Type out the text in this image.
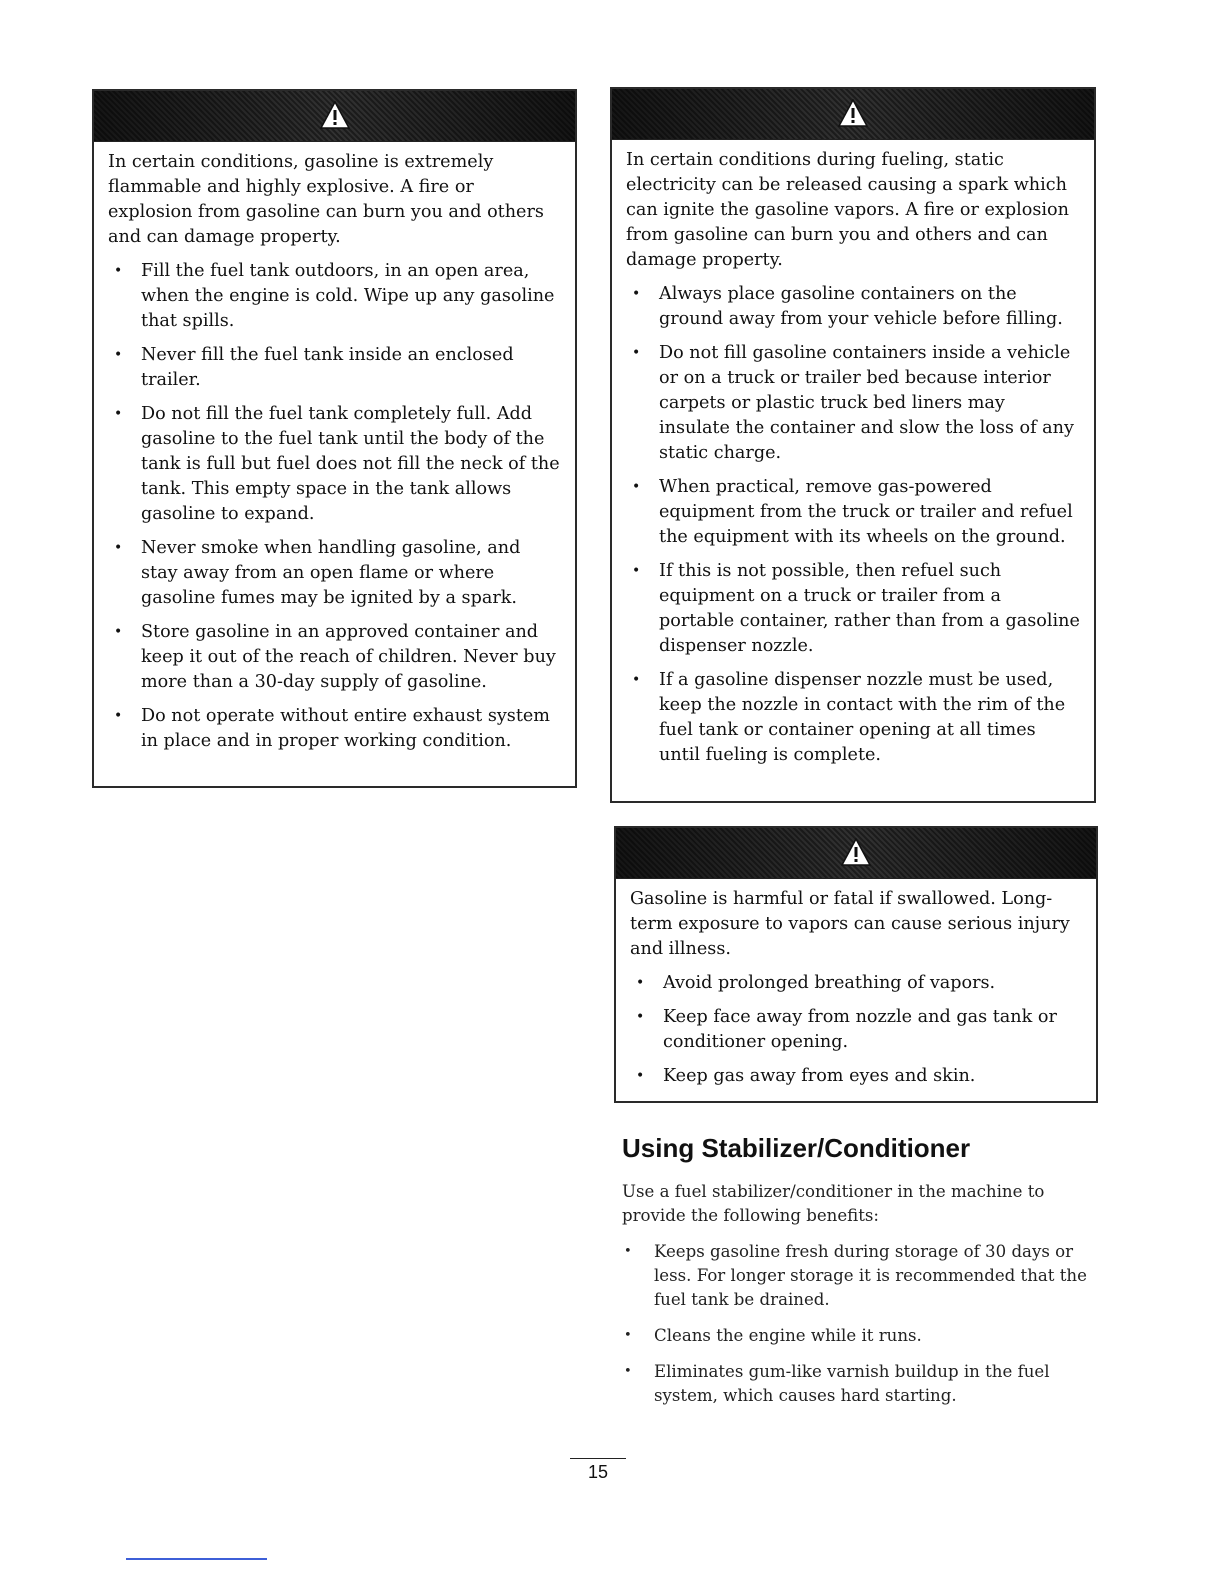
In certain conditions, gasoline is extremely flammable and highly explosive. A fire or explosion from gasoline can burn you and others and can damage property.

• Fill the fuel tank outdoors, in an open area, when the engine is cold. Wipe up any gasoline that spills.
• Never fill the fuel tank inside an enclosed trailer.
• Do not fill the fuel tank completely full. Add gasoline to the fuel tank until the body of the tank is full but fuel does not fill the neck of the tank. This empty space in the tank allows gasoline to expand.
• Never smoke when handling gasoline, and stay away from an open flame or where gasoline fumes may be ignited by a spark.
• Store gasoline in an approved container and keep it out of the reach of children. Never buy more than a 30-day supply of gasoline.
• Do not operate without entire exhaust system in place and in proper working condition.

In certain conditions during fueling, static electricity can be released causing a spark which can ignite the gasoline vapors. A fire or explosion from gasoline can burn you and others and can damage property.

• Always place gasoline containers on the ground away from your vehicle before filling.
• Do not fill gasoline containers inside a vehicle or on a truck or trailer bed because interior carpets or plastic truck bed liners may insulate the container and slow the loss of any static charge.
• When practical, remove gas-powered equipment from the truck or trailer and refuel the equipment with its wheels on the ground.
• If this is not possible, then refuel such equipment on a truck or trailer from a portable container, rather than from a gasoline dispenser nozzle.
• If a gasoline dispenser nozzle must be used, keep the nozzle in contact with the rim of the fuel tank or container opening at all times until fueling is complete.

Gasoline is harmful or fatal if swallowed. Long-term exposure to vapors can cause serious injury and illness.

• Avoid prolonged breathing of vapors.
• Keep face away from nozzle and gas tank or conditioner opening.
• Keep gas away from eyes and skin.
Using Stabilizer/Conditioner

Use a fuel stabilizer/conditioner in the machine to provide the following benefits:

• Keeps gasoline fresh during storage of 30 days or less. For longer storage it is recommended that the fuel tank be drained.
• Cleans the engine while it runs.
• Eliminates gum-like varnish buildup in the fuel system, which causes hard starting.
15
